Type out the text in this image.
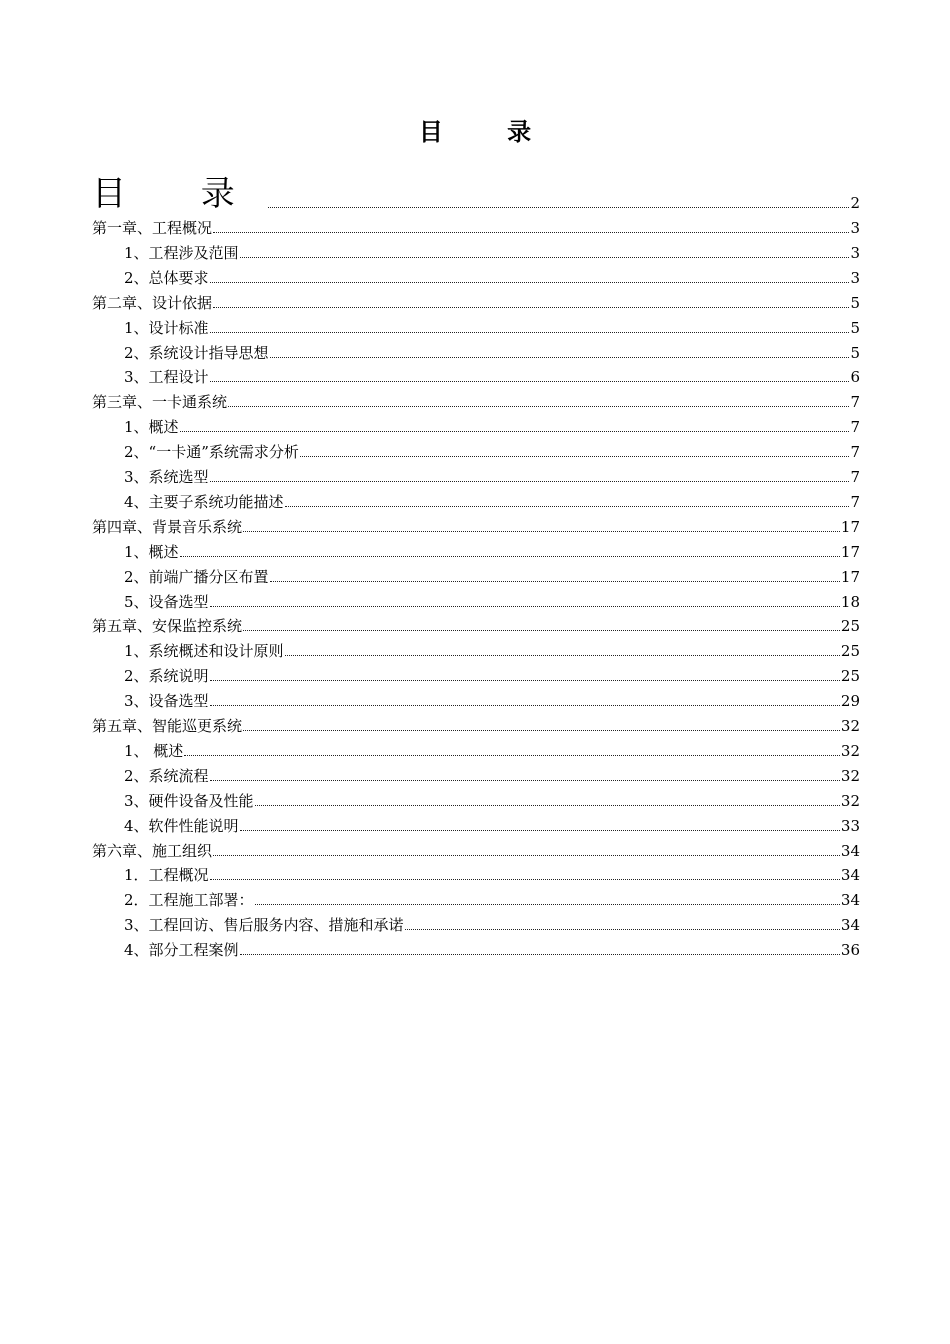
目 录
目 录	2
第一章、工程概况	3
1、工程涉及范围	3
2、总体要求	3
第二章、设计依据	5
1、设计标准	5
2、系统设计指导思想	5
3、工程设计	6
第三章、一卡通系统	7
1、概述	7
2、“一卡通”系统需求分析	7
3、系统选型	7
4、主要子系统功能描述	7
第四章、背景音乐系统	17
1、概述	17
2、前端广播分区布置	17
5、设备选型	18
第五章、安保监控系统	25
1、系统概述和设计原则	25
2、系统说明	25
3、设备选型	29
第五章、智能巡更系统	32
1、 概述	32
2、系统流程	32
3、硬件设备及性能	32
4、软件性能说明	33
第六章、施工组织	34
1．工程概况	34
2．工程施工部署：	34
3、工程回访、售后服务内容、措施和承诺	34
4、部分工程案例	36
